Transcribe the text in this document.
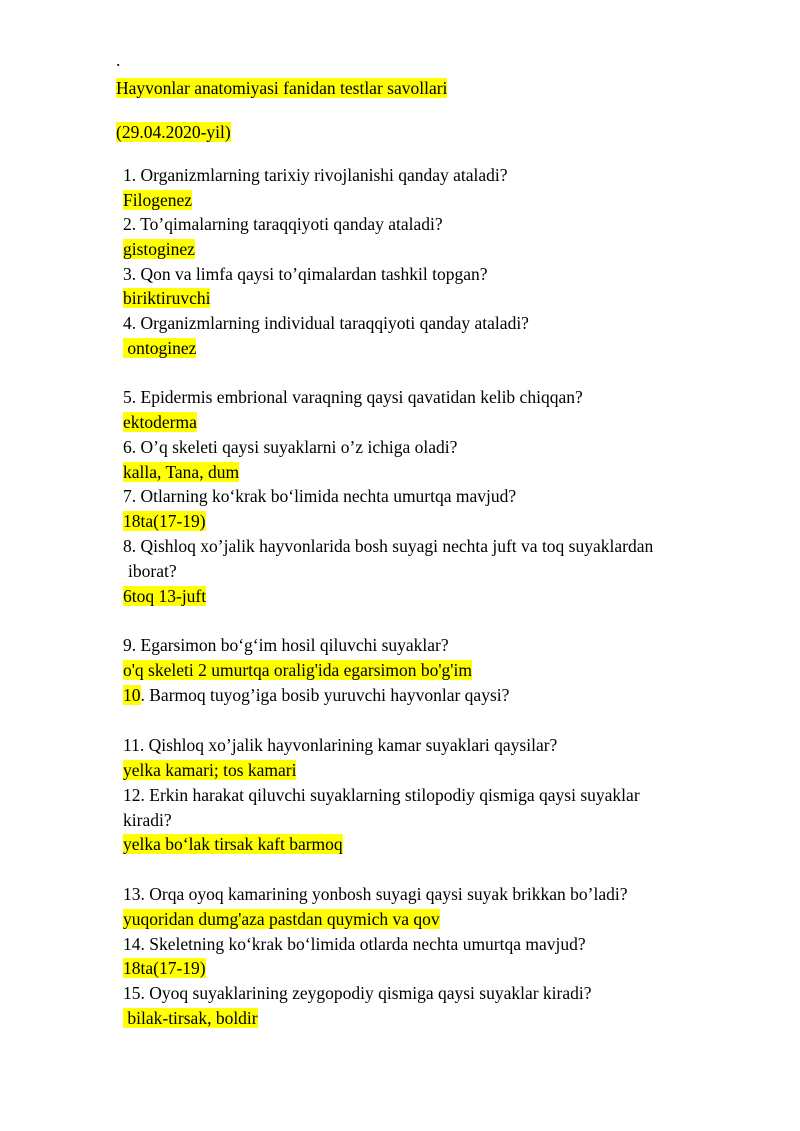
.

Hayvonlar anatomiyasi fanidan testlar savollari

(29.04.2020-yil)

1. Organizmlarning tarixiy rivojlanishi qanday ataladi?

Filogenez

2. To’qimalarning taraqqiyoti qanday ataladi?

gistoginez

3. Qon va limfa qaysi to’qimalardan tashkil topgan?

biriktiruvchi

4. Organizmlarning individual taraqqiyoti qanday ataladi?

ontoginez

5. Epidermis embrional varaqning qaysi qavatidan kelib chiqqan?

ektoderma

6. O’q skeleti qaysi suyaklarni o’z ichiga oladi?

kalla, Tana, dum

7. Otlarning ko‘krak bo‘limida nechta umurtqa mavjud?

18ta(17-19)

8. Qishloq xo’jalik hayvonlarida bosh suyagi nechta juft va toq suyaklardan

iborat?

6toq 13-juft

9. Egarsimon bo‘g‘im hosil qiluvchi suyaklar?

o'q skeleti 2 umurtqa oralig'ida egarsimon bo'g'im

10. Barmoq tuyog’iga bosib yuruvchi hayvonlar qaysi?

11. Qishloq xo’jalik hayvonlarining kamar suyaklari qaysilar?

yelka kamari; tos kamari

12. Erkin harakat qiluvchi suyaklarning stilopodiy qismiga qaysi suyaklar

kiradi?

yelka bo‘lak tirsak kaft barmoq

13. Orqa oyoq kamarining yonbosh suyagi qaysi suyak brikkan bo’ladi?

yuqoridan dumg'aza pastdan quymich va qov

14. Skeletning ko‘krak bo‘limida otlarda nechta umurtqa mavjud?

18ta(17-19)

15. Oyoq suyaklarining zeygopodiy qismiga qaysi suyaklar kiradi?

bilak-tirsak, boldir
